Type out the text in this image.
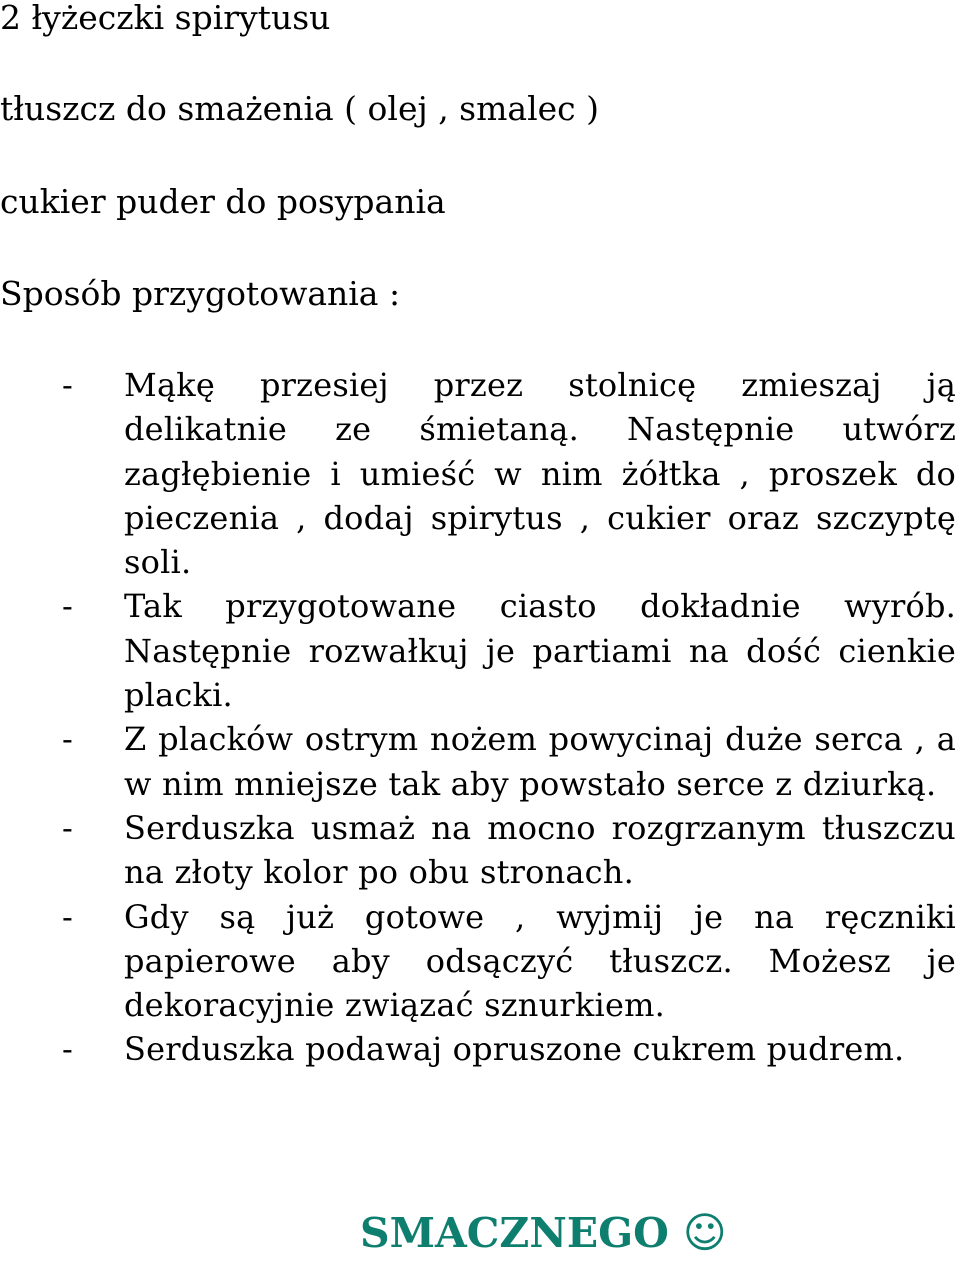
2 łyżeczki spirytusu

tłuszcz do smażenia ( olej , smalec )

cukier puder do posypania

Sposób przygotowania :

- Mąkę przesiej przez stolnicę zmieszaj ją delikatnie ze śmietaną. Następnie utwórz zagłębienie i umieść w nim żółtka , proszek do pieczenia , dodaj spirytus , cukier oraz szczyptę soli.
- Tak przygotowane ciasto dokładnie wyrób. Następnie rozwałkuj je partiami na dość cienkie placki.
- Z placków ostrym nożem powycinaj duże serca , a w nim mniejsze tak aby powstało serce z dziurką.
- Serduszka usmaż na mocno rozgrzanym tłuszczu na złoty kolor po obu stronach.
- Gdy są już gotowe , wyjmij je na ręczniki papierowe aby odsączyć tłuszcz. Możesz je dekoracyjnie związać sznurkiem.
- Serduszka podawaj opruszone cukrem pudrem.
SMACZNEGO ☺
